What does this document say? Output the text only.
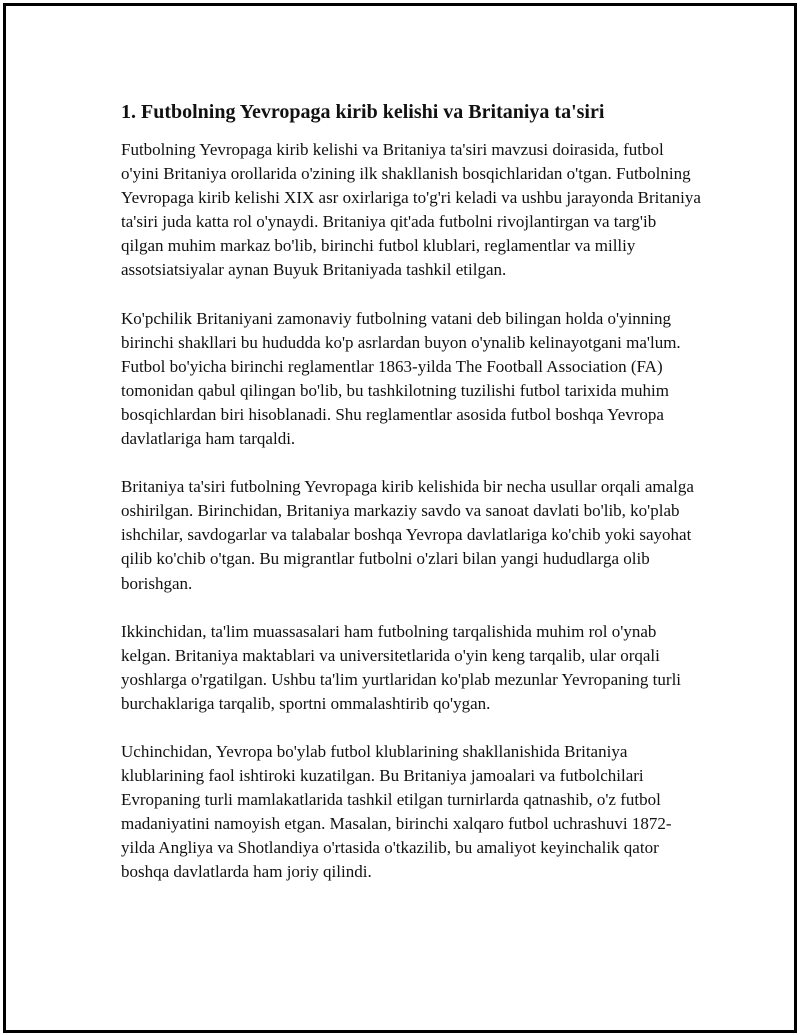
1. Futbolning Yevropaga kirib kelishi va Britaniya ta'siri

Futbolning Yevropaga kirib kelishi va Britaniya ta'siri mavzusi doirasida, futbol o'yini Britaniya orollarida o'zining ilk shakllanish bosqichlaridan o'tgan. Futbolning Yevropaga kirib kelishi XIX asr oxirlariga to'g'ri keladi va ushbu jarayonda Britaniya ta'siri juda katta rol o'ynaydi. Britaniya qit'ada futbolni rivojlantirgan va targ'ib qilgan muhim markaz bo'lib, birinchi futbol klublari, reglamentlar va milliy assotsiatsiyalar aynan Buyuk Britaniyada tashkil etilgan.

Ko'pchilik Britaniyani zamonaviy futbolning vatani deb bilingan holda o'yinning birinchi shakllari bu hududda ko'p asrlardan buyon o'ynalib kelinayotgani ma'lum. Futbol bo'yicha birinchi reglamentlar 1863-yilda The Football Association (FA) tomonidan qabul qilingan bo'lib, bu tashkilotning tuzilishi futbol tarixida muhim bosqichlardan biri hisoblanadi. Shu reglamentlar asosida futbol boshqa Yevropa davlatlariga ham tarqaldi.

Britaniya ta'siri futbolning Yevropaga kirib kelishida bir necha usullar orqali amalga oshirilgan. Birinchidan, Britaniya markaziy savdo va sanoat davlati bo'lib, ko'plab ishchilar, savdogarlar va talabalar boshqa Yevropa davlatlariga ko'chib yoki sayohat qilib ko'chib o'tgan. Bu migrantlar futbolni o'zlari bilan yangi hududlarga olib borishgan.

Ikkinchidan, ta'lim muassasalari ham futbolning tarqalishida muhim rol o'ynab kelgan. Britaniya maktablari va universitetlarida o'yin keng tarqalib, ular orqali yoshlarga o'rgatilgan. Ushbu ta'lim yurtlaridan ko'plab mezunlar Yevropaning turli burchaklariga tarqalib, sportni ommalashtirib qo'ygan.

Uchinchidan, Yevropa bo'ylab futbol klublarining shakllanishida Britaniya klublarining faol ishtiroki kuzatilgan. Bu Britaniya jamoalari va futbolchilari Evropaning turli mamlakatlarida tashkil etilgan turnirlarda qatnashib, o'z futbol madaniyatini namoyish etgan. Masalan, birinchi xalqaro futbol uchrashuvi 1872-yilda Angliya va Shotlandiya o'rtasida o'tkazilib, bu amaliyot keyinchalik qator boshqa davlatlarda ham joriy qilindi.
